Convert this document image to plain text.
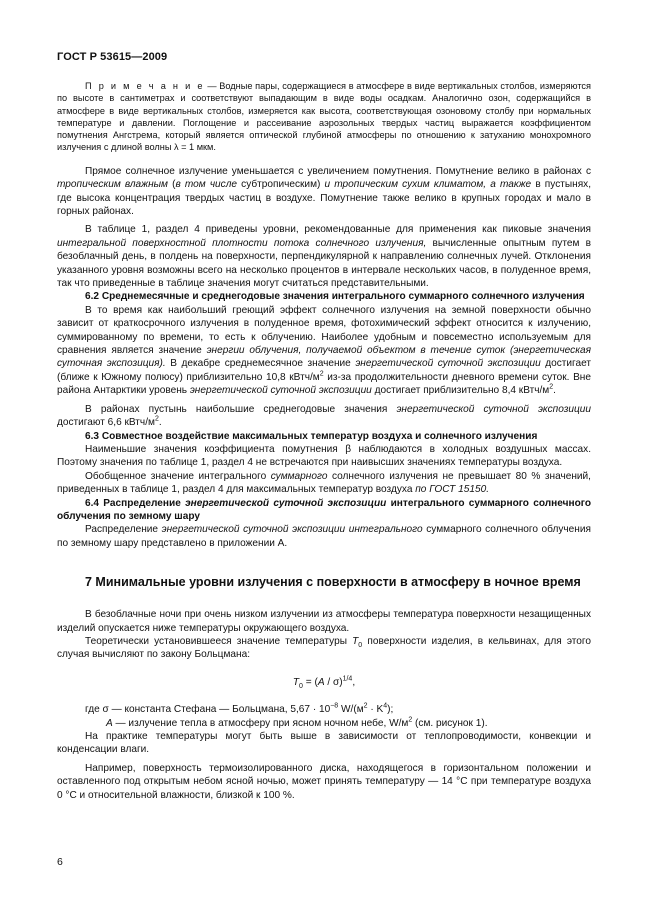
ГОСТ Р 53615—2009

П р и м е ч а н и е — Водные пары, содержащиеся в атмосфере в виде вертикальных столбов, измеряются по высоте в сантиметрах и соответствуют выпадающим в виде воды осадкам. Аналогично озон, содержащийся в атмосфере в виде вертикальных столбов, измеряется как высота, соответствующая озоновому столбу при нормальных температуре и давлении. Поглощение и рассеивание аэрозольных твердых частиц выражается коэффициентом помутнения Ангстрема, который является оптической глубиной атмосферы по отношению к затуханию монохромного излучения с длиной волны λ = 1 мкм.

Прямое солнечное излучение уменьшается с увеличением помутнения. Помутнение велико в районах с тропическим влажным (в том числе субтропическим) и тропическим сухим климатом, а также в пустынях, где высока концентрация твердых частиц в воздухе. Помутнение также велико в крупных городах и мало в горных районах.

В таблице 1, раздел 4 приведены уровни, рекомендованные для применения как пиковые значения интегральной поверхностной плотности потока солнечного излучения, вычисленные опытным путем в безоблачный день, в полдень на поверхности, перпендикулярной к направлению солнечных лучей. Отклонения указанного уровня возможны всего на несколько процентов в интервале нескольких часов, в полуденное время, так что приведенные в таблице значения могут считаться представительными.

6.2 Среднемесячные и среднегодовые значения интегрального суммарного солнечного излучения

В то время как наибольший греющий эффект солнечного излучения на земной поверхности обычно зависит от краткосрочного излучения в полуденное время, фотохимический эффект относится к излучению, суммированному по времени, то есть к облучению. Наиболее удобным и повсеместно используемым для сравнения является значение энергии облучения, получаемой объектом в течение суток (энергетическая суточная экспозиция). В декабре среднемесячное значение энергетической суточной экспозиции достигает (ближе к Южному полюсу) приблизительно 10,8 кВтч/$м^2$ из-за продолжительности дневного времени суток. Вне района Антарктики уровень энергетической суточной экспозиции достигает приблизительно 8,4 кВтч/$м^2$.

В районах пустынь наибольшие среднегодовые значения энергетической суточной экспозиции достигают 6,6 кВтч/$м^2$.

6.3 Совместное воздействие максимальных температур воздуха и солнечного излучения

Наименьшие значения коэффициента помутнения β наблюдаются в холодных воздушных массах. Поэтому значения по таблице 1, раздел 4 не встречаются при наивысших значениях температуры воздуха.

Обобщенное значение интегрального суммарного солнечного излучения не превышает 80 % значений, приведенных в таблице 1, раздел 4 для максимальных температур воздуха по ГОСТ 15150.

6.4 Распределение энергетической суточной экспозиции интегрального суммарного солнечного облучения по земному шару

Распределение энергетической суточной экспозиции интегрального суммарного солнечного облучения по земному шару представлено в приложении А.

7 Минимальные уровни излучения с поверхности в атмосферу в ночное время

В безоблачные ночи при очень низком излучении из атмосферы температура поверхности незащищенных изделий опускается ниже температуры окружающего воздуха.

Теоретически установившееся значение температуры $T_0$ поверхности изделия, в кельвинах, для этого случая вычисляют по закону Больцмана:

$T_0 = (A / \sigma)^{1/4}$,

где σ — константа Стефана — Больцмана, $5,67 \cdot 10^{-8}$ $W/(м^2 \cdot K^4)$;

A — излучение тепла в атмосферу при ясном ночном небе, $W/м^2$ (см. рисунок 1).

На практике температуры могут быть выше в зависимости от теплопроводимости, конвекции и конденсации влаги.

Например, поверхность термоизолированного диска, находящегося в горизонтальном положении и оставленного под открытым небом ясной ночью, может принять температуру — 14 °С при температуре воздуха 0 °С и относительной влажности, близкой к 100 %.

6
